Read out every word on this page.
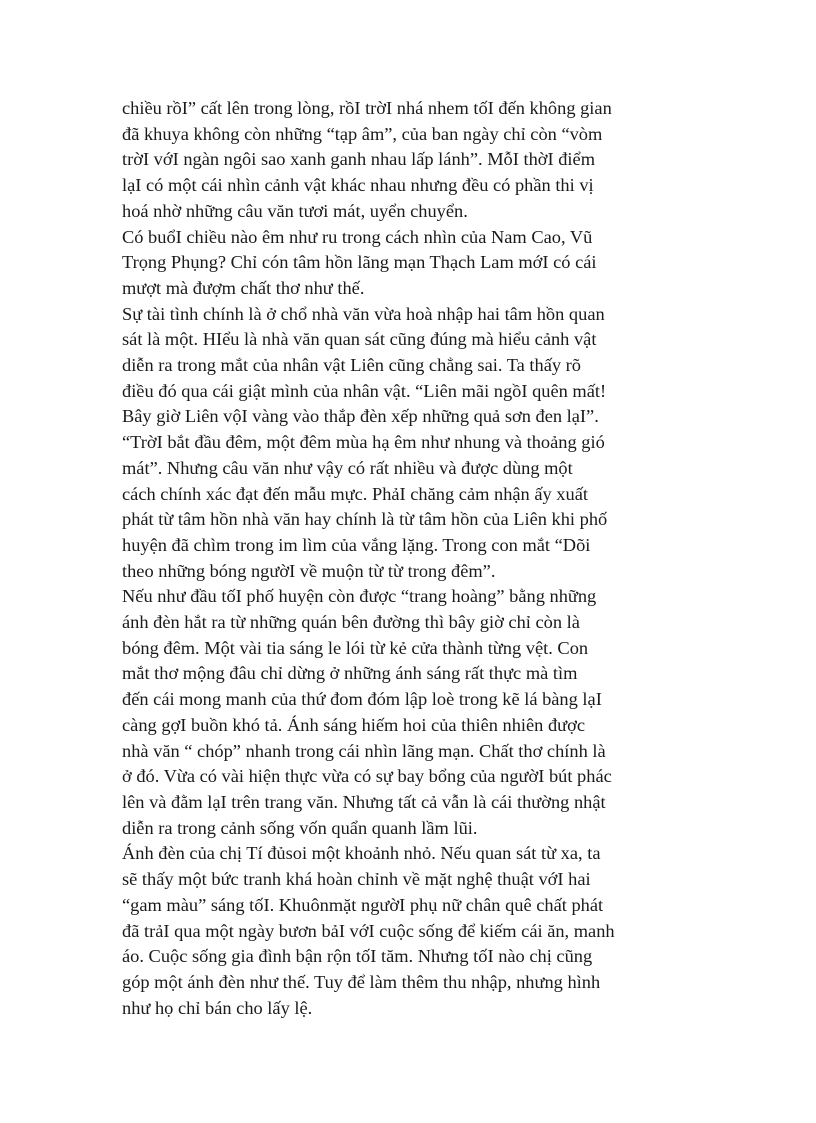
chiều rồI” cất lên trong lòng, rồI trờI nhá nhem tốI đến không gian
đã khuya không còn những “tạp âm”, của ban ngày chỉ còn “vòm
trờI vớI ngàn ngôi sao xanh ganh nhau lấp lánh”. MỗI thờI điểm
lạI có một cái nhìn cảnh vật khác nhau nhưng đều có phần thi vị
hoá nhờ những câu văn tươi mát, uyển chuyển.
Có buổI chiều nào êm như ru trong cách nhìn của Nam Cao, Vũ
Trọng Phụng? Chỉ cón tâm hồn lãng mạn Thạch Lam mớI có cái
mượt mà đượm chất thơ như thế.
Sự tài tình chính là ở chổ nhà văn vừa hoà nhập hai tâm hồn quan
sát là một. HIểu là nhà văn quan sát cũng đúng mà hiểu cảnh vật
diễn ra trong mắt của nhân vật Liên cũng chẳng sai. Ta thấy rõ
điều đó qua cái giật mình của nhân vật. “Liên mãi ngồI quên mất!
Bây giờ Liên vộI vàng vào thắp đèn xếp những quả sơn đen lạI”.
“TrờI bắt đầu đêm, một đêm mùa hạ êm như nhung và thoảng gió
mát”. Nhưng câu văn như vậy có rất nhiều và được dùng một
cách chính xác đạt đến mẫu mực. PhảI chăng cảm nhận ấy xuất
phát từ tâm hồn nhà văn hay chính là từ tâm hồn của Liên khi phố
huyện đã chìm trong im lìm của vắng lặng. Trong con mắt “Dõi
theo những bóng ngườI về muộn từ từ trong đêm”.
Nếu như đầu tốI phố huyện còn được “trang hoàng” bằng những
ánh đèn hắt ra từ những quán bên đường thì bây giờ chỉ còn là
bóng đêm. Một vài tia sáng le lói từ kẻ cửa thành từng vệt. Con
mắt thơ mộng đâu chỉ dừng ở những ánh sáng rất thực mà tìm
đến cái mong manh của thứ đom đóm lập loè trong kẽ lá bàng lạI
càng gợI buồn khó tả. Ánh sáng hiếm hoi của thiên nhiên được
nhà văn “ chóp” nhanh trong cái nhìn lãng mạn. Chất thơ chính là
ở đó. Vừa có vài hiện thực vừa có sự bay bổng của ngườI bút phác
lên và đằm lạI trên trang văn. Nhưng tất cả vẫn là cái thường nhật
diễn ra trong cảnh sống vốn quẩn quanh lầm lũi.
Ánh đèn của chị Tí đủsoi một khoảnh nhỏ. Nếu quan sát từ xa, ta
sẽ thấy một bức tranh khá hoàn chỉnh về mặt nghệ thuật vớI hai
“gam màu” sáng tốI. Khuônmặt ngườI phụ nữ chân quê chất phát
đã trảI qua một ngày bươn bảI vớI cuộc sống để kiếm cái ăn, manh
áo. Cuộc sống gia đình bận rộn tốI tăm. Nhưng tốI nào chị cũng
góp một ánh đèn như thế. Tuy để làm thêm thu nhập, nhưng hình
như họ chỉ bán cho lấy lệ.
